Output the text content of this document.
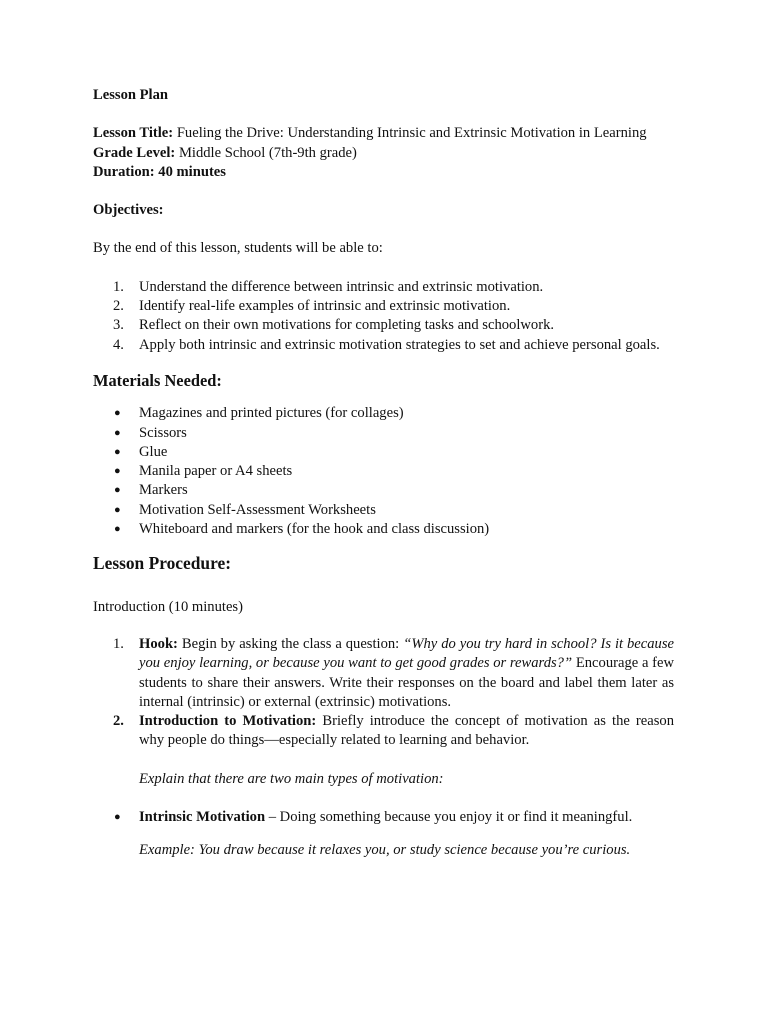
Lesson Plan

Lesson Title: Fueling the Drive: Understanding Intrinsic and Extrinsic Motivation in Learning

Grade Level: Middle School (7th-9th grade)

Duration: 40 minutes

Objectives:

By the end of this lesson, students will be able to:

1.	Understand the difference between intrinsic and extrinsic motivation.
2.	Identify real-life examples of intrinsic and extrinsic motivation.
3.	Reflect on their own motivations for completing tasks and schoolwork.
4.	Apply both intrinsic and extrinsic motivation strategies to set and achieve personal goals.

Materials Needed:

● Magazines and printed pictures (for collages)
● Scissors
● Glue
● Manila paper or A4 sheets
● Markers
● Motivation Self-Assessment Worksheets
● Whiteboard and markers (for the hook and class discussion)

Lesson Procedure:

Introduction (10 minutes)

1.	Hook: Begin by asking the class a question: “Why do you try hard in school? Is it because you enjoy learning, or because you want to get good grades or rewards?” Encourage a few students to share their answers. Write their responses on the board and label them later as internal (intrinsic) or external (extrinsic) motivations.
2.	Introduction to Motivation: Briefly introduce the concept of motivation as the reason why people do things—especially related to learning and behavior.

Explain that there are two main types of motivation:

● Intrinsic Motivation – Doing something because you enjoy it or find it meaningful.

Example: You draw because it relaxes you, or study science because you’re curious.
